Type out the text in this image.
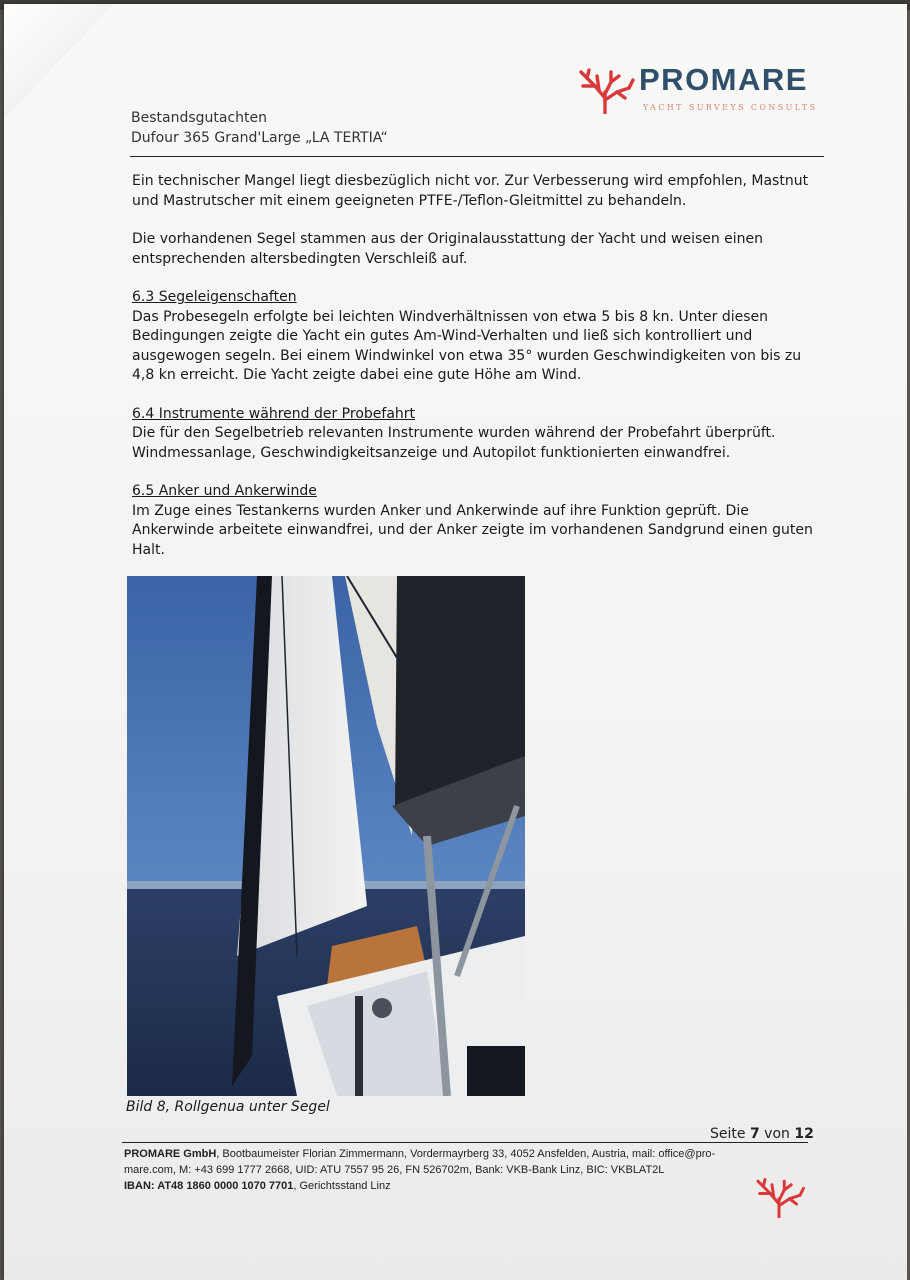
PROMARE
YACHT SURVEYS CONSULTS
Bestandsgutachten
Dufour 365 Grand'Large „LA TERTIA“

Ein technischer Mangel liegt diesbezüglich nicht vor. Zur Verbesserung wird empfohlen, Mastnut und Mastrutscher mit einem geeigneten PTFE-/Teflon-Gleitmittel zu behandeln.

Die vorhandenen Segel stammen aus der Originalausstattung der Yacht und weisen einen entsprechenden altersbedingten Verschleiß auf.

6.3 Segeleigenschaften
Das Probesegeln erfolgte bei leichten Windverhältnissen von etwa 5 bis 8 kn. Unter diesen Bedingungen zeigte die Yacht ein gutes Am-Wind-Verhalten und ließ sich kontrolliert und ausgewogen segeln. Bei einem Windwinkel von etwa 35° wurden Geschwindigkeiten von bis zu 4,8 kn erreicht. Die Yacht zeigte dabei eine gute Höhe am Wind.
6.4 Instrumente während der Probefahrt
Die für den Segelbetrieb relevanten Instrumente wurden während der Probefahrt überprüft. Windmessanlage, Geschwindigkeitsanzeige und Autopilot funktionierten einwandfrei.
6.5 Anker und Ankerwinde
Im Zuge eines Testankerns wurden Anker und Ankerwinde auf ihre Funktion geprüft. Die Ankerwinde arbeitete einwandfrei, und der Anker zeigte im vorhandenen Sandgrund einen guten Halt.
Bild 8, Rollgenua unter Segel
Seite 7 von 12
PROMARE GmbH, Bootbaumeister Florian Zimmermann, Vordermayrberg 33, 4052 Ansfelden, Austria, mail: office@pro-
mare.com, M: +43 699 1777 2668, UID: ATU 7557 95 26, FN 526702m, Bank: VKB-Bank Linz, BIC: VKBLAT2L
IBAN: AT48 1860 0000 1070 7701, Gerichtsstand Linz
